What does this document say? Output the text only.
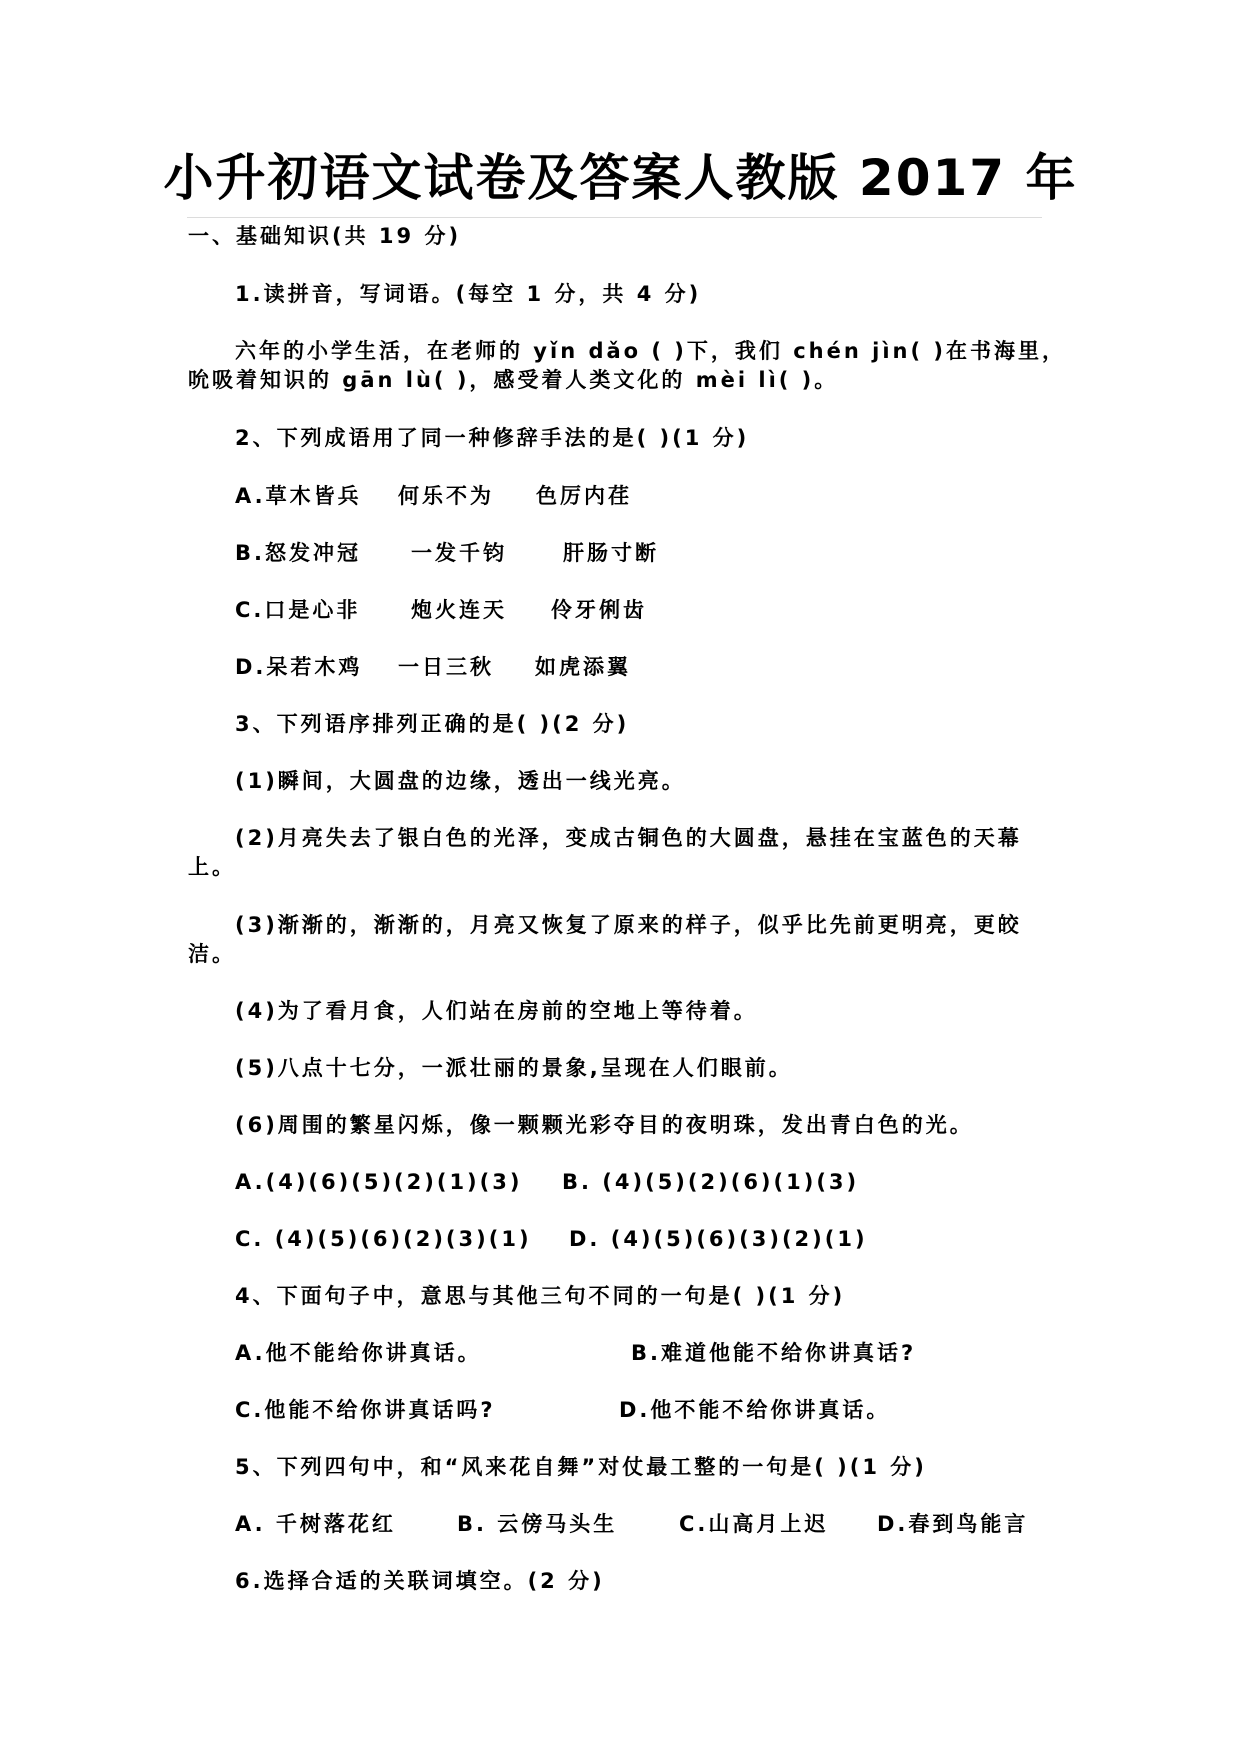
小升初语文试卷及答案人教版 2017 年
一、基础知识(共 19 分)
1.读拼音，写词语。(每空 1 分，共 4 分)
六年的小学生活，在老师的 yǐn dǎo ( )下，我们 chén jìn( )在书海里，
吮吸着知识的 gān lù( )，感受着人类文化的 mèi lì( )。
2、下列成语用了同一种修辞手法的是( )(1 分)
A.草木皆兵 何乐不为 色厉内荏
B.怒发冲冠 一发千钧	肝肠寸断
C.口是心非 炮火连天 伶牙俐齿
D.呆若木鸡 一日三秋 如虎添翼
3、下列语序排列正确的是( )(2 分)
(1)瞬间，大圆盘的边缘，透出一线光亮。
(2)月亮失去了银白色的光泽，变成古铜色的大圆盘，悬挂在宝蓝色的天幕
上。
(3)渐渐的，渐渐的，月亮又恢复了原来的样子，似乎比先前更明亮，更皎
洁。
(4)为了看月食，人们站在房前的空地上等待着。
(5)八点十七分，一派壮丽的景象,呈现在人们眼前。
(6)周围的繁星闪烁，像一颗颗光彩夺目的夜明珠，发出青白色的光。
A.(4)(6)(5)(2)(1)(3) B. (4)(5)(2)(6)(1)(3)
C. (4)(5)(6)(2)(3)(1) D. (4)(5)(6)(3)(2)(1)
4、下面句子中，意思与其他三句不同的一句是( )(1 分)
A.他不能给你讲真话。	B.难道他能不给你讲真话?
C.他能不给你讲真话吗?	D.他不能不给你讲真话。
5、下列四句中，和“风来花自舞”对仗最工整的一句是( )(1 分)
A. 千树落花红	B. 云傍马头生	C.山高月上迟 D.春到鸟能言
6.选择合适的关联词填空。(2 分)
